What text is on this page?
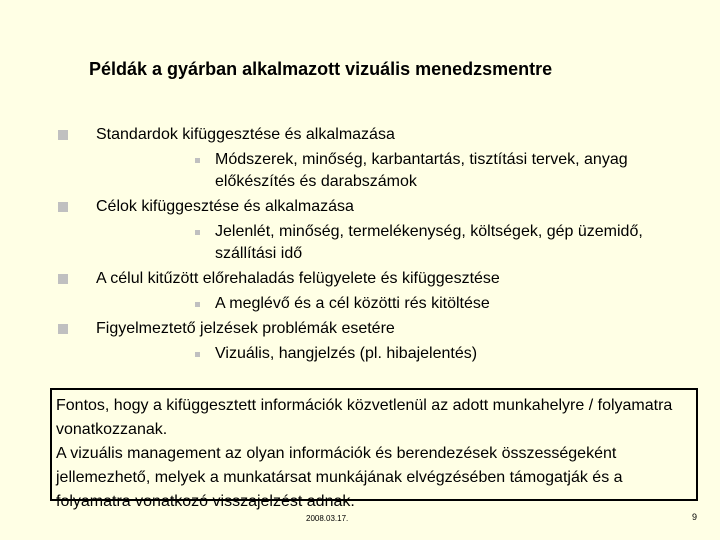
Példák a gyárban alkalmazott vizuális menedzsmentre
Standardok kifüggesztése és alkalmazása
Módszerek, minőség, karbantartás, tisztítási tervek, anyag előkészítés és darabszámok
Célok kifüggesztése és alkalmazása
Jelenlét, minőség, termelékenység, költségek, gép üzemidő, szállítási idő
A célul kitűzött előrehaladás felügyelete és kifüggesztése
A meglévő és a cél közötti rés kitöltése
Figyelmeztető jelzések problémák esetére
Vizuális, hangjelzés (pl. hibajelentés)
Fontos, hogy a kifüggesztett információk közvetlenül az adott munkahelyre / folyamatra vonatkozzanak.
A vizuális management az olyan információk és berendezések összességeként jellemezhető, melyek a munkatársat munkájának elvégzésében támogatják és a folyamatra vonatkozó visszajelzést adnak.
2008.03.17.	9
